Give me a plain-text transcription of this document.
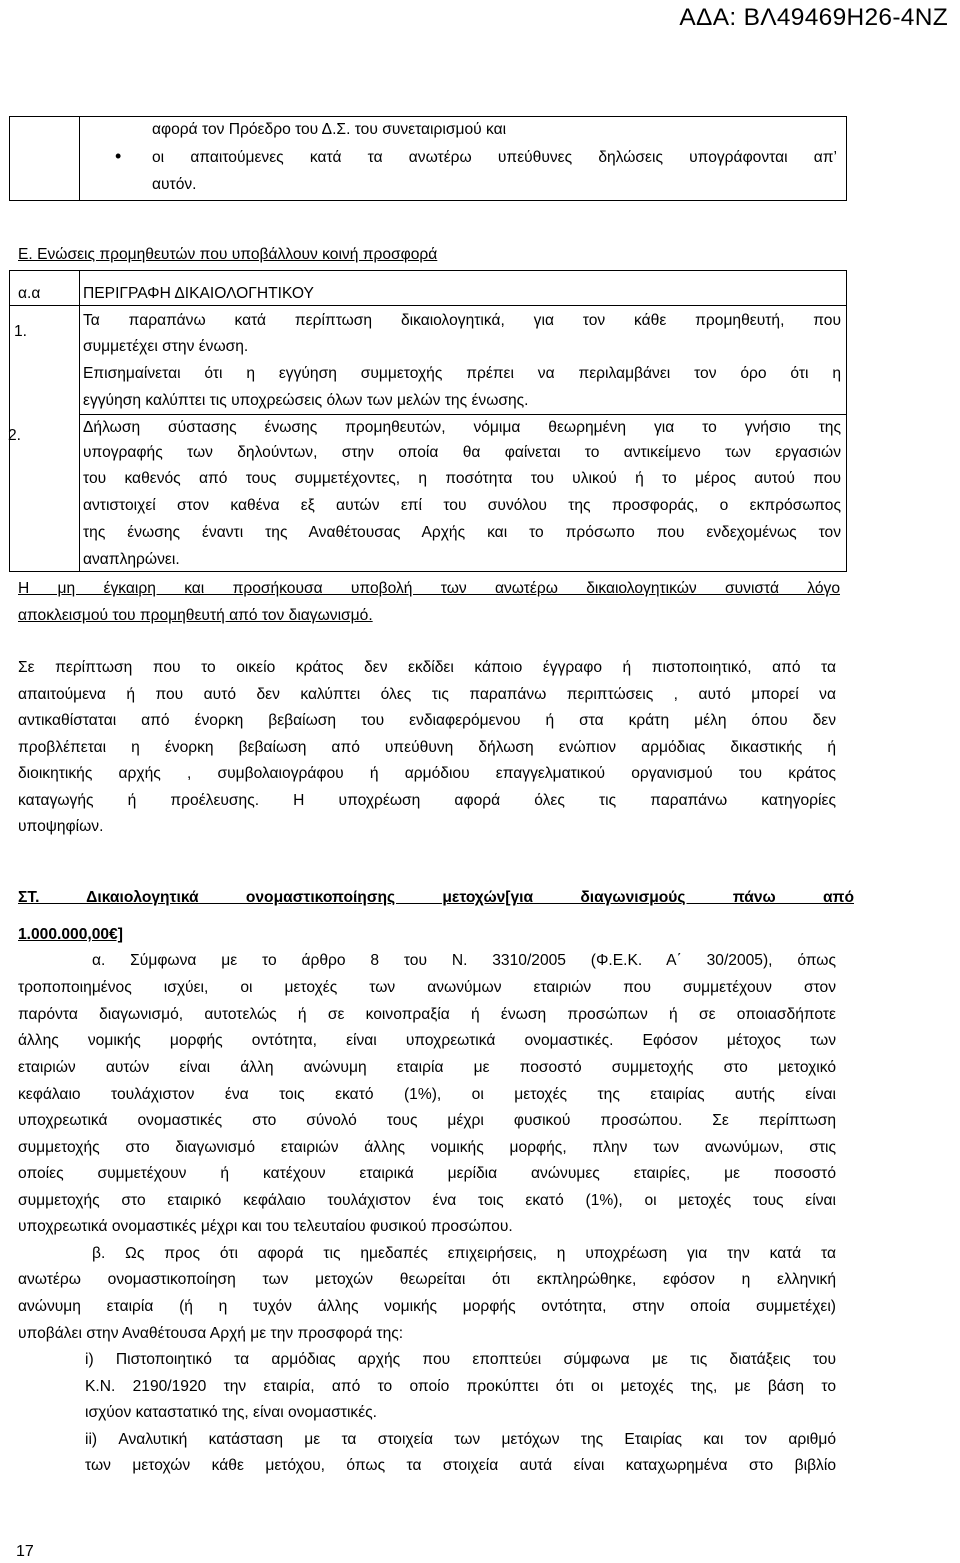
ΑΔΑ: ΒΛ49469Η26-4ΝΖ
αφορά τον Πρόεδρο του Δ.Σ. του συνεταιρισμού και
• οι απαιτούμενες κατά τα ανωτέρω υπεύθυνες δηλώσεις υπογράφονται απ’
αυτόν.
Ε. Ενώσεις προμηθευτών που υποβάλλουν κοινή προσφορά
α.α	ΠΕΡΙΓΡΑΦΗ ΔΙΚΑΙΟΛΟΓΗΤΙΚΟΥ
1.
Τα παραπάνω κατά περίπτωση δικαιολογητικά, για τον κάθε προμηθευτή, που
συμμετέχει στην ένωση.
Επισημαίνεται ότι η εγγύηση συμμετοχής πρέπει να περιλαμβάνει τον όρο ότι η
εγγύηση καλύπτει τις υποχρεώσεις όλων των μελών της ένωσης.
2.	Δήλωση σύστασης ένωσης προμηθευτών, νόμιμα θεωρημένη για το γνήσιο της
υπογραφής των δηλούντων, στην οποία θα φαίνεται το αντικείμενο των εργασιών
του καθενός από τους συμμετέχοντες, η ποσότητα του υλικού ή το μέρος αυτού που
αντιστοιχεί στον καθένα εξ αυτών επί του συνόλου της προσφοράς, ο εκπρόσωπος
της ένωσης έναντι της Αναθέτουσας Αρχής και το πρόσωπο που ενδεχομένως τον
αναπληρώνει.
Η μη έγκαιρη και προσήκουσα υποβολή των ανωτέρω δικαιολογητικών συνιστά λόγο
αποκλεισμού του προμηθευτή από τον διαγωνισμό.
Σε περίπτωση που το οικείο κράτος δεν εκδίδει κάποιο έγγραφο ή πιστοποιητικό, από τα
απαιτούμενα ή που αυτό δεν καλύπτει όλες τις παραπάνω περιπτώσεις , αυτό μπορεί να
αντικαθίσταται από ένορκη βεβαίωση του ενδιαφερόμενου ή στα κράτη μέλη όπου δεν
προβλέπεται η ένορκη βεβαίωση από υπεύθυνη δήλωση ενώπιον αρμόδιας δικαστικής ή
διοικητικής αρχής , συμβολαιογράφου ή αρμόδιου επαγγελματικού οργανισμού του κράτος
καταγωγής ή προέλευσης. Η υποχρέωση αφορά όλες τις παραπάνω κατηγορίες
υποψηφίων.
ΣΤ. Δικαιολογητικά ονομαστικοποίησης μετοχών[για διαγωνισμούς πάνω από
1.000.000,00€]
α. Σύμφωνα με το άρθρο 8 του Ν. 3310/2005 (Φ.Ε.Κ. Α΄ 30/2005), όπως
τροποποιημένος ισχύει, οι μετοχές των ανωνύμων εταιριών που συμμετέχουν στον
παρόντα διαγωνισμό, αυτοτελώς ή σε κοινοπραξία ή ένωση προσώπων ή σε οποιασδήποτε
άλλης νομικής μορφής οντότητα, είναι υποχρεωτικά ονομαστικές. Εφόσον μέτοχος των
εταιριών αυτών είναι άλλη ανώνυμη εταιρία με ποσοστό συμμετοχής στο μετοχικό
κεφάλαιο τουλάχιστον ένα τοις εκατό (1%), οι μετοχές της εταιρίας αυτής είναι
υποχρεωτικά ονομαστικές στο σύνολό τους μέχρι φυσικού προσώπου. Σε περίπτωση
συμμετοχής στο διαγωνισμό εταιριών άλλης νομικής μορφής, πλην των ανωνύμων, στις
οποίες συμμετέχουν ή κατέχουν εταιρικά μερίδια ανώνυμες εταιρίες, με ποσοστό
συμμετοχής στο εταιρικό κεφάλαιο τουλάχιστον ένα τοις εκατό (1%), οι μετοχές τους είναι
υποχρεωτικά ονομαστικές μέχρι και του τελευταίου φυσικού προσώπου.
β. Ως προς ότι αφορά τις ημεδαπές επιχειρήσεις, η υποχρέωση για την κατά τα
ανωτέρω ονομαστικοποίηση των μετοχών θεωρείται ότι εκπληρώθηκε, εφόσον η ελληνική
ανώνυμη εταιρία (ή η τυχόν άλλης νομικής μορφής οντότητα, στην οποία συμμετέχει)
υποβάλει στην Αναθέτουσα Αρχή με την προσφορά της:
i) Πιστοποιητικό τα αρμόδιας αρχής που εποπτεύει σύμφωνα με τις διατάξεις του
Κ.Ν. 2190/1920 την εταιρία, από το οποίο προκύπτει ότι οι μετοχές της, με βάση το
ισχύον καταστατικό της, είναι ονομαστικές.
ii) Αναλυτική κατάσταση με τα στοιχεία των μετόχων της Εταιρίας και τον αριθμό
των μετοχών κάθε μετόχου, όπως τα στοιχεία αυτά είναι καταχωρημένα στο βιβλίο
17
